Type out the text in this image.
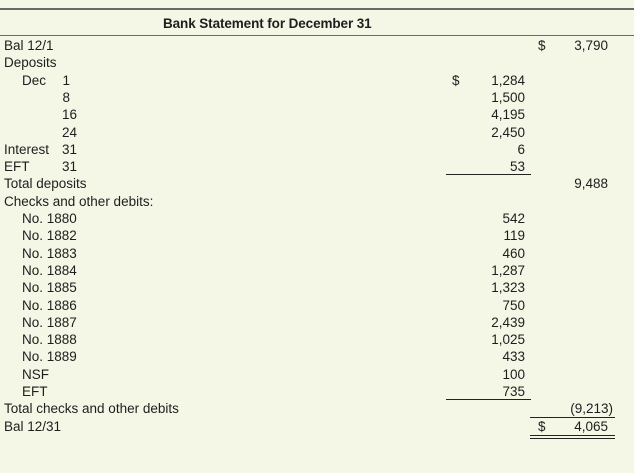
Bank Statement for December 31
Bal 12/1	$ 3,790
Deposits
Dec 1	$ 1,284
8	1,500
16	4,195
24	2,450
Interest 31	6
EFT 31	53
Total deposits	9,488
Checks and other debits:
No. 1880	542
No. 1882	119
No. 1883	460
No. 1884	1,287
No. 1885	1,323
No. 1886	750
No. 1887	2,439
No. 1888	1,025
No. 1889	433
NSF	100
EFT	735
Total checks and other debits	(9,213)
Bal 12/31	$ 4,065
